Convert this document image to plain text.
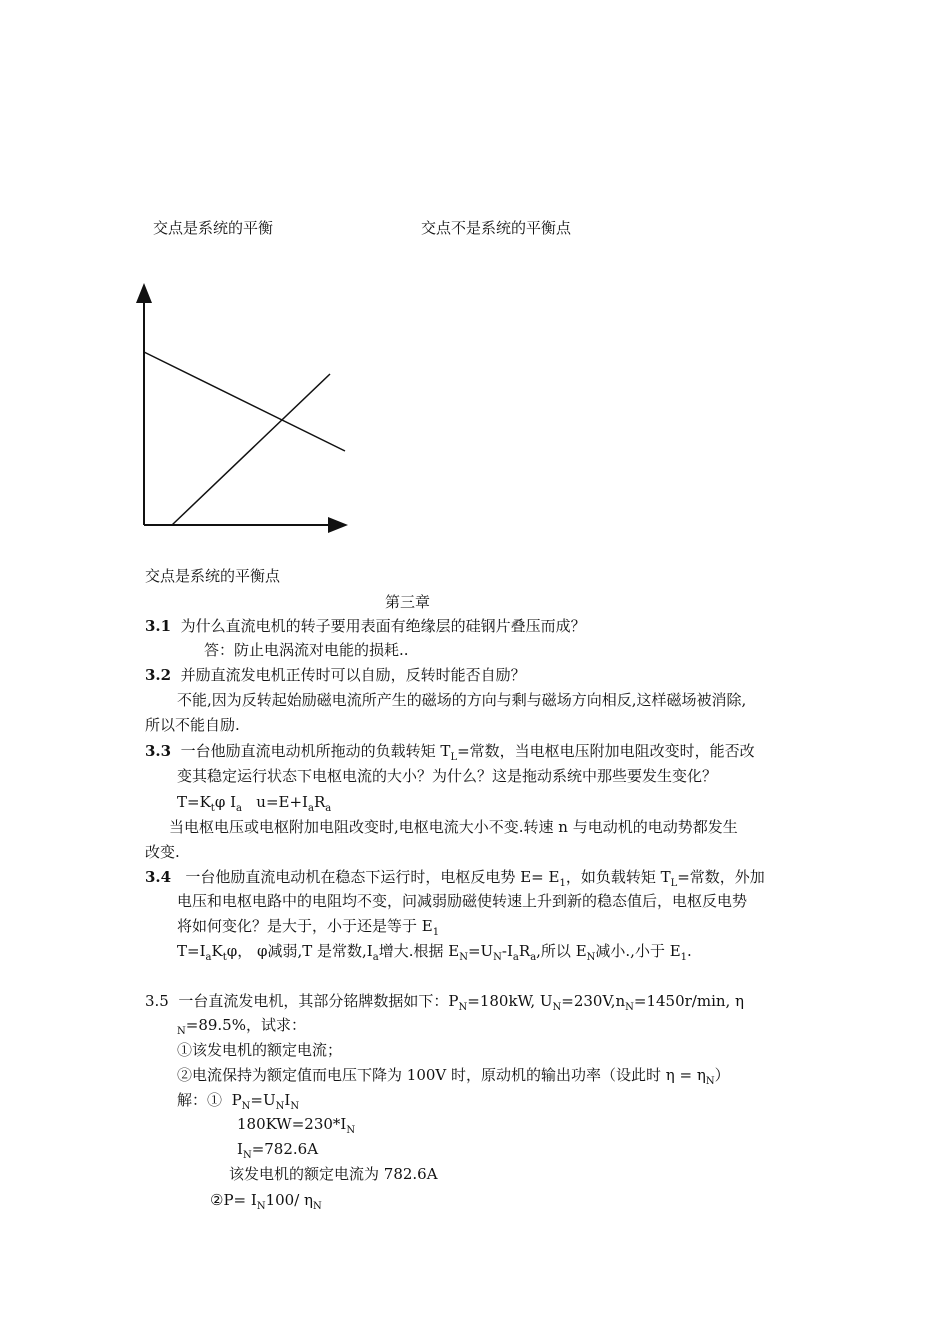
交点是系统的平衡	交点不是系统的平衡点
交点是系统的平衡点
第三章
3.1 为什么直流电机的转子要用表面有绝缘层的硅钢片叠压而成？
答：防止电涡流对电能的损耗..
3.2 并励直流发电机正传时可以自励，反转时能否自励？
不能,因为反转起始励磁电流所产生的磁场的方向与剩与磁场方向相反,这样磁场被消除,
所以不能自励.
3.3 一台他励直流电动机所拖动的负载转矩 $T_L=$常数，当电枢电压附加电阻改变时，能否改
变其稳定运行状态下电枢电流的大小？为什么？这是拖动系统中那些要发生变化？
$T=K_t\varphi$ $I_a$ $u=E+I_aR_a$
当电枢电压或电枢附加电阻改变时,电枢电流大小不变.转速 n 与电动机的电动势都发生
改变.
3.4 一台他励直流电动机在稳态下运行时，电枢反电势 $E= E_1$，如负载转矩 $T_L=$常数，外加
电压和电枢电路中的电阻均不变，问减弱励磁使转速上升到新的稳态值后，电枢反电势
将如何变化？是大于，小于还是等于 $E_1$
$T=I_aK_t\varphi$， φ减弱,T 是常数$,I_a$增大.根据 $E_N=U_N-I_aR_a$,所以 $E_N$减小.,小于 $E_1$.
3.5 一台直流发电机，其部分铭牌数据如下：$P_N=180kW$, $U_N=230V,n_N=1450r/\min$, η
$_N$=89.5%，试求：
①该发电机的额定电流；
②电流保持为额定值而电压下降为 100V 时，原动机的输出功率（设此时 $\eta = \eta_N$）
解：① $P_N=U_NI_N$
$180KW=230*I_N$
$I_N=782.6A$
该发电机的额定电流为 782.6A
②P= $I_N100/$ $\eta_N$
